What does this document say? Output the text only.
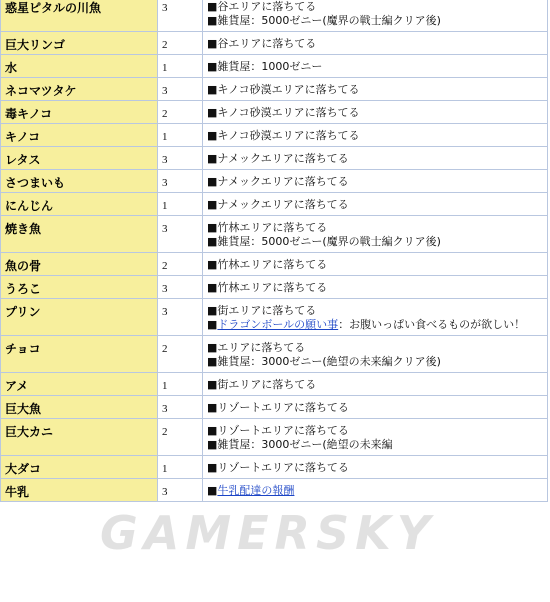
惑星ピタルの川魚	3	■谷エリアに落ちてる
■雑貨屋：5000ゼニー(魔界の戦士編クリア後)

巨大リンゴ	2	■谷エリアに落ちてる

水	1	■雑貨屋：1000ゼニー

ネコマツタケ	3	■キノコ砂漠エリアに落ちてる

毒キノコ	2	■キノコ砂漠エリアに落ちてる

キノコ	1	■キノコ砂漠エリアに落ちてる

レタス	3	■ナメックエリアに落ちてる

さつまいも	3	■ナメックエリアに落ちてる

にんじん	1	■ナメックエリアに落ちてる

焼き魚	3	■竹林エリアに落ちてる
■雑貨屋：5000ゼニー(魔界の戦士編クリア後)

魚の骨	2	■竹林エリアに落ちてる

うろこ	3	■竹林エリアに落ちてる

プリン	3	■街エリアに落ちてる
■ドラゴンボールの願い事：お腹いっぱい食べるものが欲しい！

チョコ	2	■エリアに落ちてる
■雑貨屋：3000ゼニー(絶望の未来編クリア後)

アメ	1	■街エリアに落ちてる

巨大魚	3	■リゾートエリアに落ちてる

巨大カニ	2	■リゾートエリアに落ちてる
■雑貨屋：3000ゼニー(絶望の未来編

大ダコ	1	■リゾートエリアに落ちてる

牛乳	3	■牛乳配達の報酬
GAMERSKY
